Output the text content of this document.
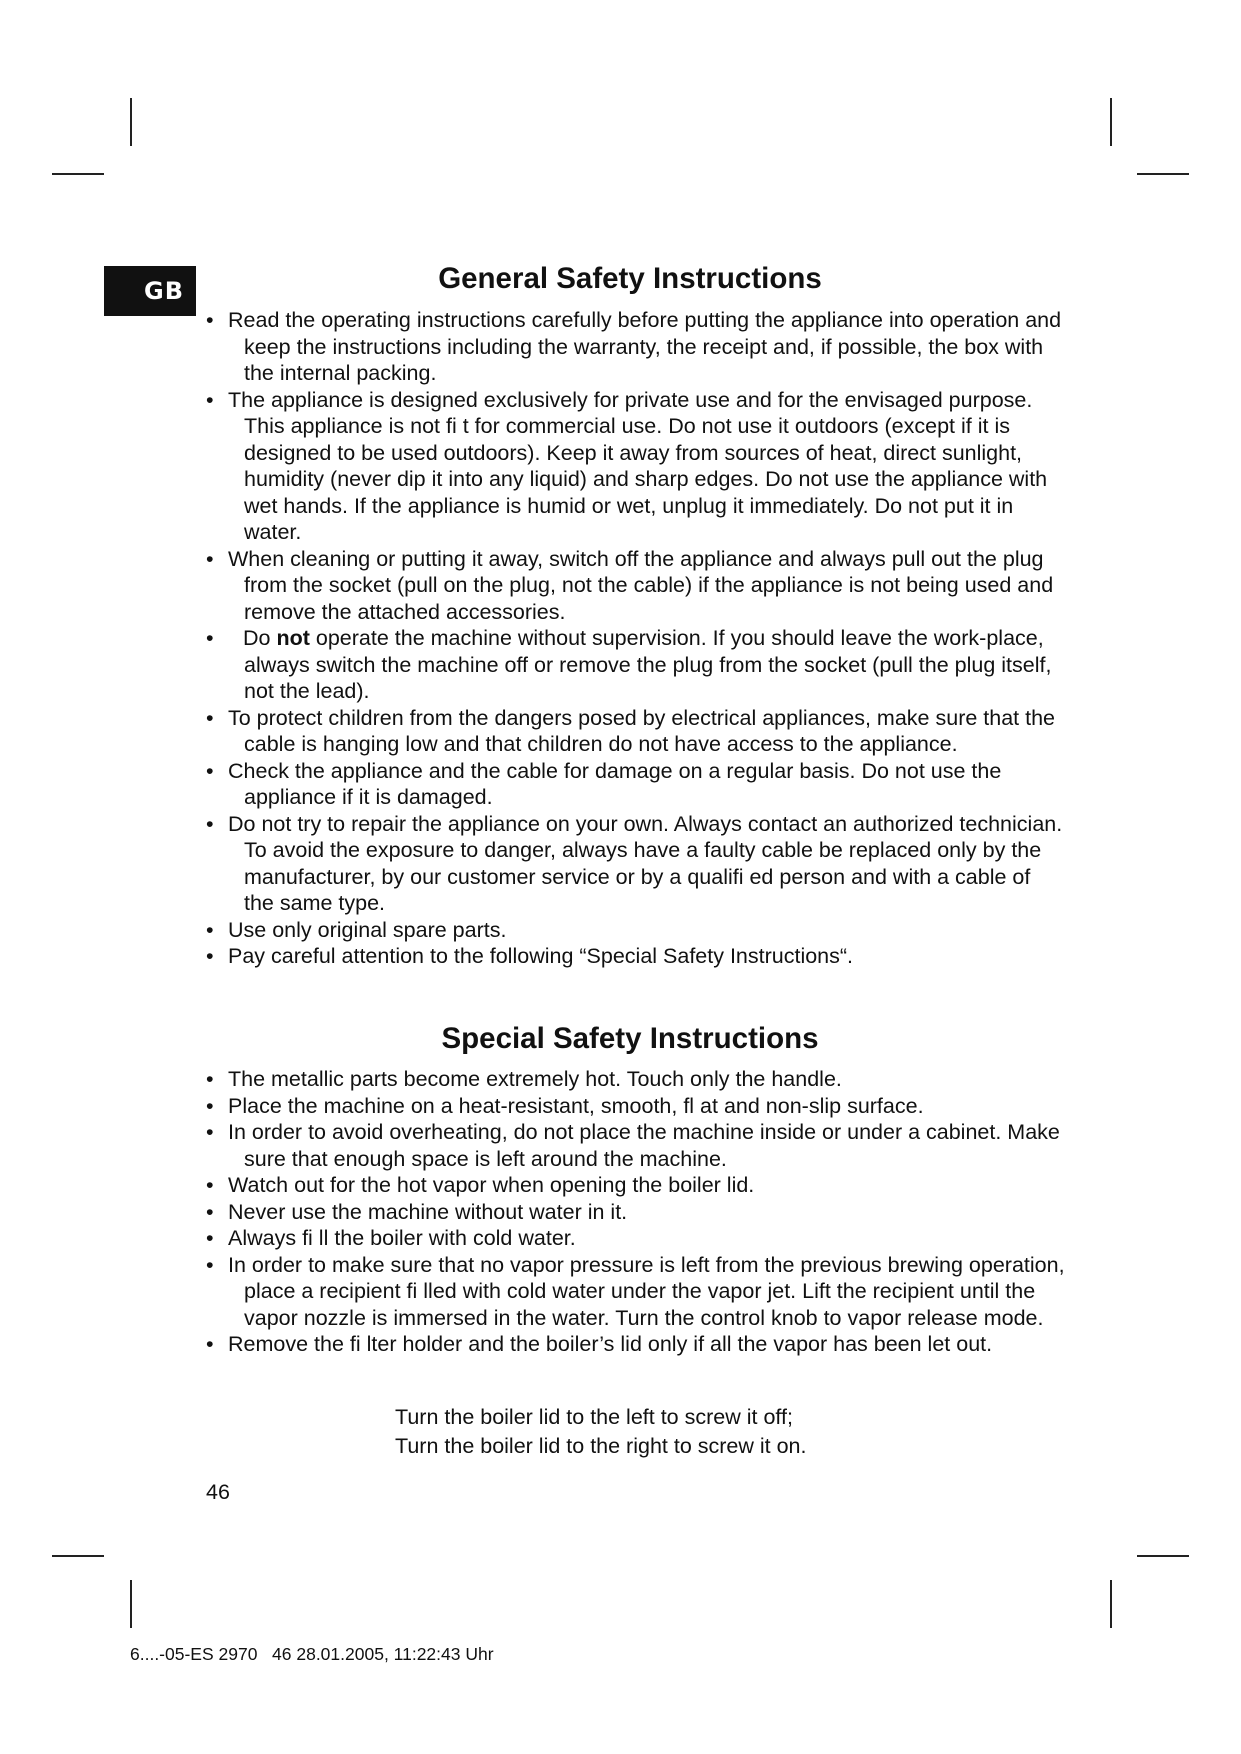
GB	General Safety Instructions
• Read the operating instructions carefully before putting the appliance into operation and keep the instructions including the warranty, the receipt and, if possible, the box with the internal packing.
• The appliance is designed exclusively for private use and for the envisaged purpose. This appliance is not fi t for commercial use. Do not use it outdoors (except if it is designed to be used outdoors). Keep it away from sources of heat, direct sunlight, humidity (never dip it into any liquid) and sharp edges. Do not use the appliance with wet hands. If the appliance is humid or wet, unplug it immediately. Do not put it in water.
• When cleaning or putting it away, switch off the appliance and always pull out the plug from the socket (pull on the plug, not the cable) if the appliance is not being used and remove the attached accessories.
•	Do not operate the machine without supervision. If you should leave the work-place, always switch the machine off or remove the plug from the socket (pull the plug itself, not the lead).
• To protect children from the dangers posed by electrical appliances, make sure that the cable is hanging low and that children do not have access to the appliance.
• Check the appliance and the cable for damage on a regular basis. Do not use the appliance if it is damaged.
• Do not try to repair the appliance on your own. Always contact an authorized technician. To avoid the exposure to danger, always have a faulty cable be replaced only by the manufacturer, by our customer service or by a qualifi ed person and with a cable of the same type.
• Use only original spare parts.
• Pay careful attention to the following “Special Safety Instructions“.
Special Safety Instructions
• The metallic parts become extremely hot. Touch only the handle.
• Place the machine on a heat-resistant, smooth, fl at and non-slip surface.
• In order to avoid overheating, do not place the machine inside or under a cabinet. Make sure that enough space is left around the machine.
• Watch out for the hot vapor when opening the boiler lid.
• Never use the machine without water in it.
• Always fi ll the boiler with cold water.
• In order to make sure that no vapor pressure is left from the previous brewing operation, place a recipient fi lled with cold water under the vapor jet. Lift the recipient until the vapor nozzle is immersed in the water. Turn the control knob to vapor release mode.
• Remove the fi lter holder and the boiler’s lid only if all the vapor has been let out.
Turn the boiler lid to the left to screw it off;
Turn the boiler lid to the right to screw it on.
46
6....-05-ES 2970   46 28.01.2005, 11:22:43 Uhr
